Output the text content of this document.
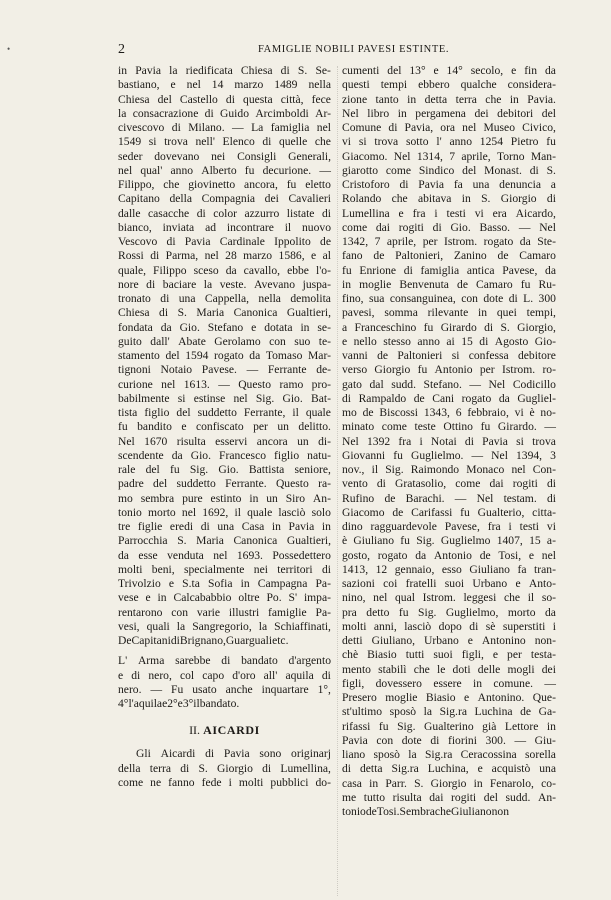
•	2	FAMIGLIE NOBILI PAVESI ESTINTE.
in Pavia la riedificata Chiesa di S. Se-
bastiano, e nel 14 marzo 1489 nella
Chiesa del Castello di questa città, fece
la consacrazione di Guido Arcimboldi Ar-
civescovo di Milano. — La famiglia nel
1549 si trova nell' Elenco di quelle che
seder dovevano nei Consigli Generali,
nel qual' anno Alberto fu decurione. —
Filippo, che giovinetto ancora, fu eletto
Capitano della Compagnia dei Cavalieri
dalle casacche di color azzurro listate di
bianco, inviata ad incontrare il nuovo
Vescovo di Pavia Cardinale Ippolito de
Rossi di Parma, nel 28 marzo 1586, e al
quale, Filippo sceso da cavallo, ebbe l'o-
nore di baciare la veste. Avevano juspa-
tronato di una Cappella, nella demolita
Chiesa di S. Maria Canonica Gualtieri,
fondata da Gio. Stefano e dotata in se-
guito dall' Abate Gerolamo con suo te-
stamento del 1594 rogato da Tomaso Mar-
tignoni Notaio Pavese. — Ferrante de-
curione nel 1613. — Questo ramo pro-
babilmente si estinse nel Sig. Gio. Bat-
tista figlio del suddetto Ferrante, il quale
fu bandito e confiscato per un delitto.
Nel 1670 risulta esservi ancora un di-
scendente da Gio. Francesco figlio natu-
rale del fu Sig. Gio. Battista seniore,
padre del suddetto Ferrante. Questo ra-
mo sembra pure estinto in un Siro An-
tonio morto nel 1692, il quale lasciò solo
tre figlie eredi di una Casa in Pavia in
Parrocchia S. Maria Canonica Gualtieri,
da esse venduta nel 1693. Possedettero
molti beni, specialmente nei territori di
Trivolzio e S.ta Sofia in Campagna Pa-
vese e in Calcababbio oltre Po. S' impa-
rentarono con varie illustri famiglie Pa-
vesi, quali la Sangregorio, la Schiaffinati,
De Capitani di Brignano, Guarguali etc.
L' Arma sarebbe di bandato d'argento
e di nero, col capo d'oro all' aquila di
nero. — Fu usato anche inquartare 1°,
4° l' aquila e 2° e 3° il bandato.
II. AICARDI
Gli Aicardi di Pavia sono originarj
della terra di S. Giorgio di Lumellina,
come ne fanno fede i molti pubblici do-
cumenti del 13° e 14° secolo, e fin da
questi tempi ebbero qualche considera-
zione tanto in detta terra che in Pavia.
Nel libro in pergamena dei debitori del
Comune di Pavia, ora nel Museo Civico,
vi si trova sotto l' anno 1254 Pietro fu
Giacomo. Nel 1314, 7 aprile, Torno Man-
giarotto come Sindico del Monast. di S.
Cristoforo di Pavia fa una denuncia a
Rolando che abitava in S. Giorgio di
Lumellina e fra i testi vi era Aicardo,
come dai rogiti di Gio. Basso. — Nel
1342, 7 aprile, per Istrom. rogato da Ste-
fano de Paltonieri, Zanino de Camaro
fu Enrione di famiglia antica Pavese, da
in moglie Benvenuta de Camaro fu Ru-
fino, sua consanguinea, con dote di L. 300
pavesi, somma rilevante in quei tempi,
a Franceschino fu Girardo di S. Giorgio,
e nello stesso anno ai 15 di Agosto Gio-
vanni de Paltonieri si confessa debitore
verso Giorgio fu Antonio per Istrom. ro-
gato dal sudd. Stefano. — Nel Codicillo
di Rampaldo de Cani rogato da Gugliel-
mo de Biscossi 1343, 6 febbraio, vi è no-
minato come teste Ottino fu Girardo. —
Nel 1392 fra i Notai di Pavia si trova
Giovanni fu Guglielmo. — Nel 1394, 3
nov., il Sig. Raimondo Monaco nel Con-
vento di Gratasolio, come dai rogiti di
Rufino de Barachi. — Nel testam. di
Giacomo de Carifassi fu Gualterio, citta-
dino ragguardevole Pavese, fra i testi vi
è Giuliano fu Sig. Guglielmo 1407, 15 a-
gosto, rogato da Antonio de Tosi, e nel
1413, 12 gennaio, esso Giuliano fa tran-
sazioni coi fratelli suoi Urbano e Anto-
nino, nel qual Istrom. leggesi che il so-
pra detto fu Sig. Guglielmo, morto da
molti anni, lasciò dopo di sè superstiti i
detti Giuliano, Urbano e Antonino non-
chè Biasio tutti suoi figli, e per testa-
mento stabilì che le doti delle mogli dei
figli, dovessero essere in comune. —
Presero moglie Biasio e Antonino. Que-
st'ultimo sposò la Sig.ra Luchina de Ga-
rifassi fu Sig. Gualterino già Lettore in
Pavia con dote di fiorini 300. — Giu-
liano sposò la Sig.ra Ceracossina sorella
di detta Sig.ra Luchina, e acquistò una
casa in Parr. S. Giorgio in Fenarolo, co-
me tutto risulta dai rogiti del sudd. An-
tonio de Tosi. Sembra che Giuliano non
